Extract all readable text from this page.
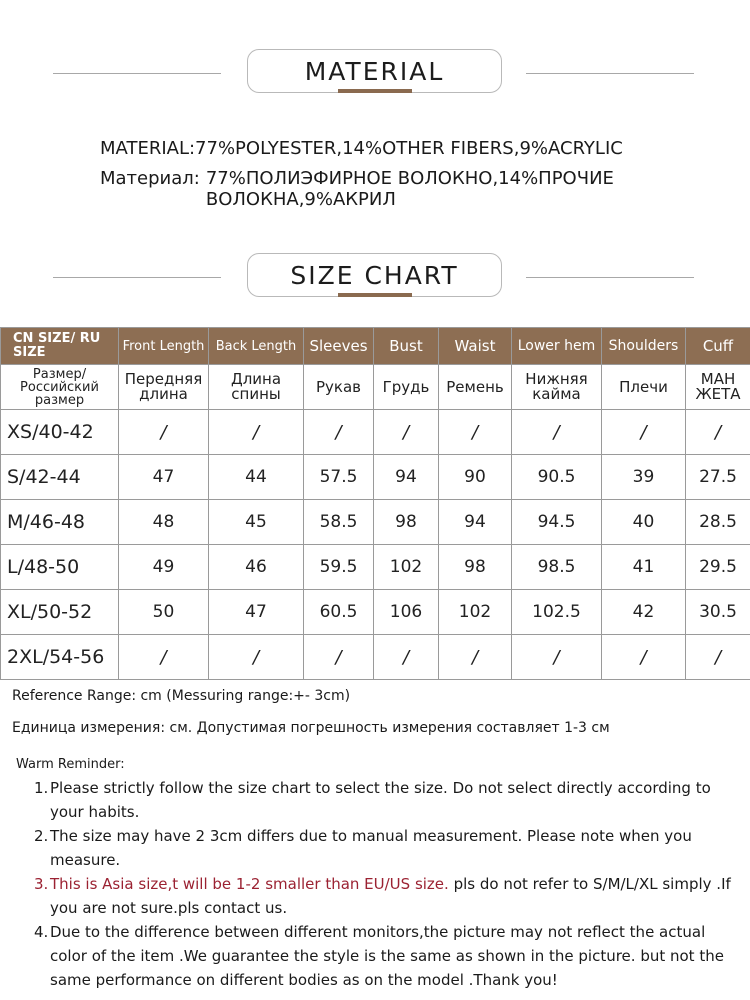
MATERIAL
MATERIAL: 77%POLYESTER,14%OTHER FIBERS,9%ACRYLIC
Материал: 77%ПОЛИЭФИРНОЕ ВОЛОКНО,14%ПРОЧИЕ ВОЛОКНА,9%АКРИЛ
SIZE CHART
CN SIZE/ RU SIZE	Front Length	Back Length	Sleeves	Bust	Waist	Lower hem	Shoulders	Cuff
Размер/ Российский размер	Передняя длина	Длина спины	Рукав	Грудь	Ремень	Нижняя кайма	Плечи	МАН ЖЕТА
XS/40-42	/	/	/	/	/	/	/	/
S/42-44	47	44	57.5	94	90	90.5	39	27.5
M/46-48	48	45	58.5	98	94	94.5	40	28.5
L/48-50	49	46	59.5	102	98	98.5	41	29.5
XL/50-52	50	47	60.5	106	102	102.5	42	30.5
2XL/54-56	/	/	/	/	/	/	/	/
Reference Range: cm (Messuring range:+- 3cm)
Единица измерения: см. Допустимая погрешность измерения составляет 1-3 см
Warm Reminder:
1. Please strictly follow the size chart to select the size. Do not select directly according to your habits.
2. The size may have 2 3cm differs due to manual measurement. Please note when you measure.
3. This is Asia size,t will be 1-2 smaller than EU/US size. pls do not refer to S/M/L/XL simply .If you are not sure.pls contact us.
4. Due to the difference between different monitors,the picture may not reflect the actual color of the item .We guarantee the style is the same as shown in the picture. but not the same performance on different bodies as on the model .Thank you!
